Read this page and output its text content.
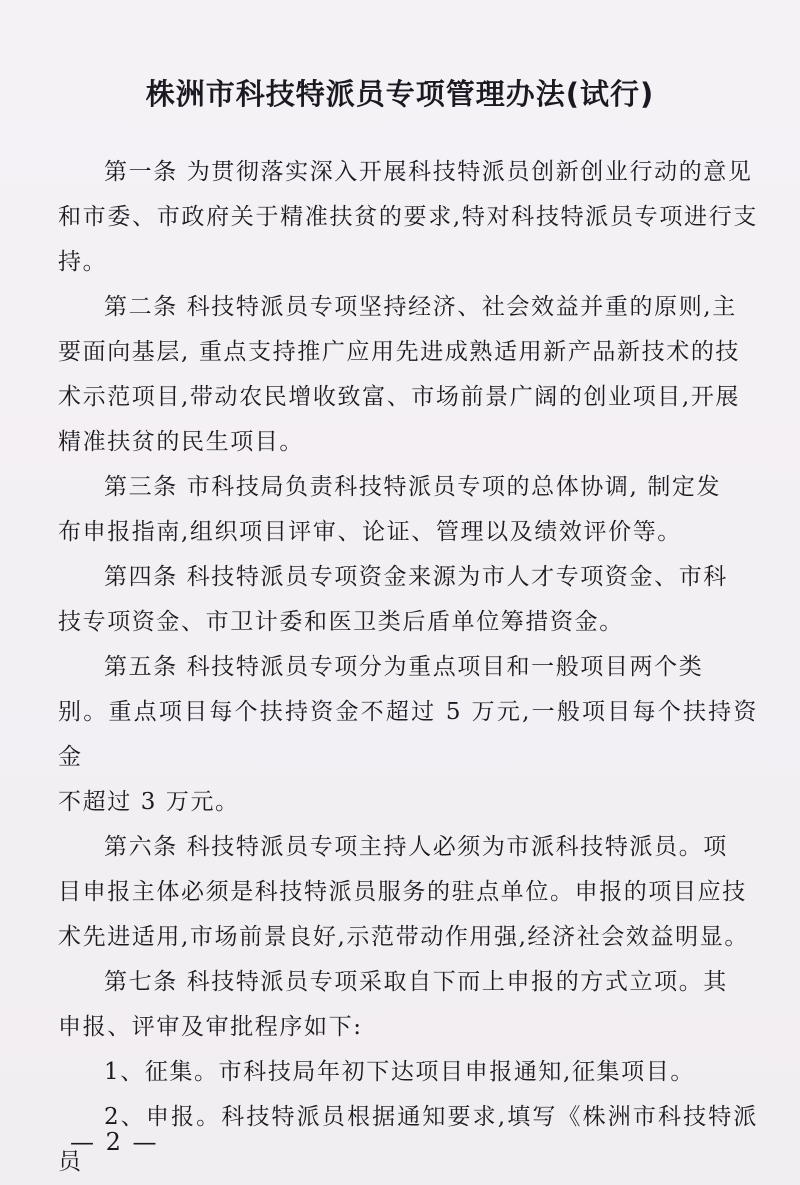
株洲市科技特派员专项管理办法(试行)

第一条 为贯彻落实深入开展科技特派员创新创业行动的意见
和市委、市政府关于精准扶贫的要求,特对科技特派员专项进行支持。

第二条 科技特派员专项坚持经济、社会效益并重的原则,主
要面向基层, 重点支持推广应用先进成熟适用新产品新技术的技
术示范项目,带动农民增收致富、市场前景广阔的创业项目,开展
精准扶贫的民生项目。

第三条 市科技局负责科技特派员专项的总体协调, 制定发
布申报指南,组织项目评审、论证、管理以及绩效评价等。

第四条 科技特派员专项资金来源为市人才专项资金、市科
技专项资金、市卫计委和医卫类后盾单位筹措资金。

第五条 科技特派员专项分为重点项目和一般项目两个类
别。重点项目每个扶持资金不超过 5 万元,一般项目每个扶持资金
不超过 3 万元。

第六条 科技特派员专项主持人必须为市派科技特派员。项
目申报主体必须是科技特派员服务的驻点单位。申报的项目应技
术先进适用,市场前景良好,示范带动作用强,经济社会效益明显。

第七条 科技特派员专项采取自下而上申报的方式立项。其
申报、评审及审批程序如下:

1、征集。市科技局年初下达项目申报通知,征集项目。

2、申报。科技特派员根据通知要求,填写《株洲市科技特派员

— 2 —
